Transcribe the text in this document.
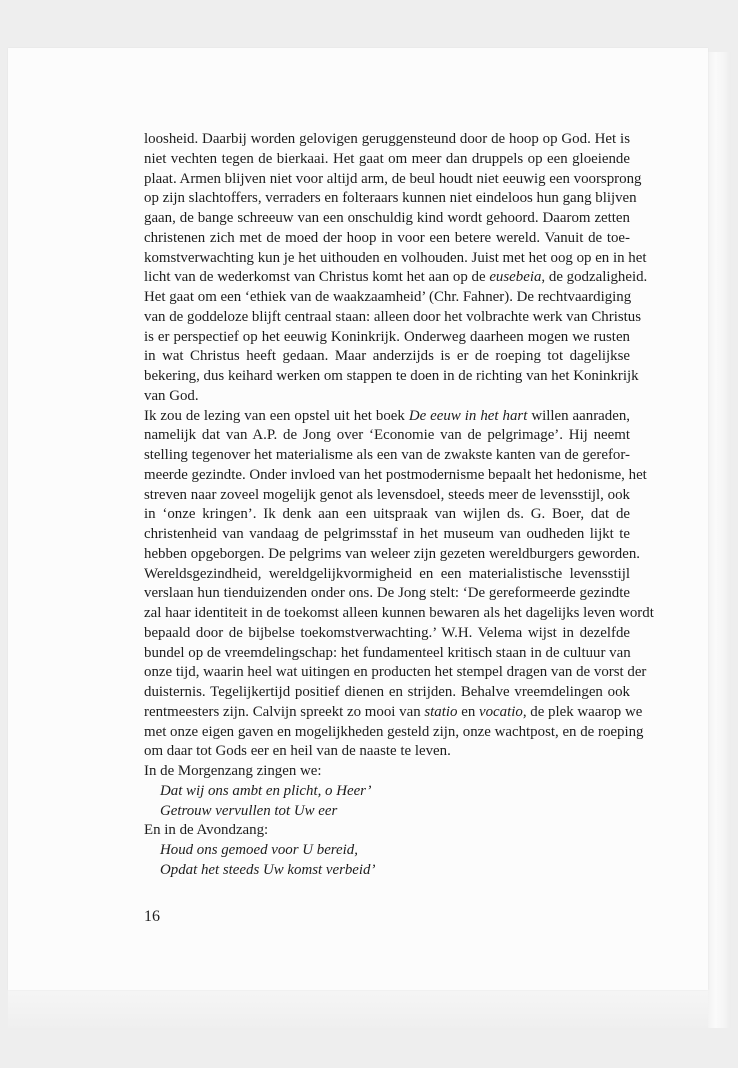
loosheid. Daarbij worden gelovigen geruggensteund door de hoop op God. Het is
niet vechten tegen de bierkaai. Het gaat om meer dan druppels op een gloeiende
plaat. Armen blijven niet voor altijd arm, de beul houdt niet eeuwig een voorsprong
op zijn slachtoffers, verraders en folteraars kunnen niet eindeloos hun gang blijven
gaan, de bange schreeuw van een onschuldig kind wordt gehoord. Daarom zetten
christenen zich met de moed der hoop in voor een betere wereld. Vanuit de toe-
komstverwachting kun je het uithouden en volhouden. Juist met het oog op en in het
licht van de wederkomst van Christus komt het aan op de eusebeia, de godzaligheid.
Het gaat om een ‘ethiek van de waakzaamheid’ (Chr. Fahner). De rechtvaardiging
van de goddeloze blijft centraal staan: alleen door het volbrachte werk van Christus
is er perspectief op het eeuwig Koninkrijk. Onderweg daarheen mogen we rusten
in wat Christus heeft gedaan. Maar anderzijds is er de roeping tot dagelijkse
bekering, dus keihard werken om stappen te doen in de richting van het Koninkrijk
van God.
Ik zou de lezing van een opstel uit het boek De eeuw in het hart willen aanraden,
namelijk dat van A.P. de Jong over ‘Economie van de pelgrimage’. Hij neemt
stelling tegenover het materialisme als een van de zwakste kanten van de gerefor-
meerde gezindte. Onder invloed van het postmodernisme bepaalt het hedonisme, het
streven naar zoveel mogelijk genot als levensdoel, steeds meer de levensstijl, ook
in ‘onze kringen’. Ik denk aan een uitspraak van wijlen ds. G. Boer, dat de
christenheid van vandaag de pelgrimsstaf in het museum van oudheden lijkt te
hebben opgeborgen. De pelgrims van weleer zijn gezeten wereldburgers geworden.
Wereldsgezindheid, wereldgelijkvormigheid en een materialistische levensstijl
verslaan hun tienduizenden onder ons. De Jong stelt: ‘De gereformeerde gezindte
zal haar identiteit in de toekomst alleen kunnen bewaren als het dagelijks leven wordt
bepaald door de bijbelse toekomstverwachting.’ W.H. Velema wijst in dezelfde
bundel op de vreemdelingschap: het fundamenteel kritisch staan in de cultuur van
onze tijd, waarin heel wat uitingen en producten het stempel dragen van de vorst der
duisternis. Tegelijkertijd positief dienen en strijden. Behalve vreemdelingen ook
rentmeesters zijn. Calvijn spreekt zo mooi van statio en vocatio, de plek waarop we
met onze eigen gaven en mogelijkheden gesteld zijn, onze wachtpost, en de roeping
om daar tot Gods eer en heil van de naaste te leven.
In de Morgenzang zingen we:
Dat wij ons ambt en plicht, o Heer’
Getrouw vervullen tot Uw eer
En in de Avondzang:
Houd ons gemoed voor U bereid,
Opdat het steeds Uw komst verbeid’
16
